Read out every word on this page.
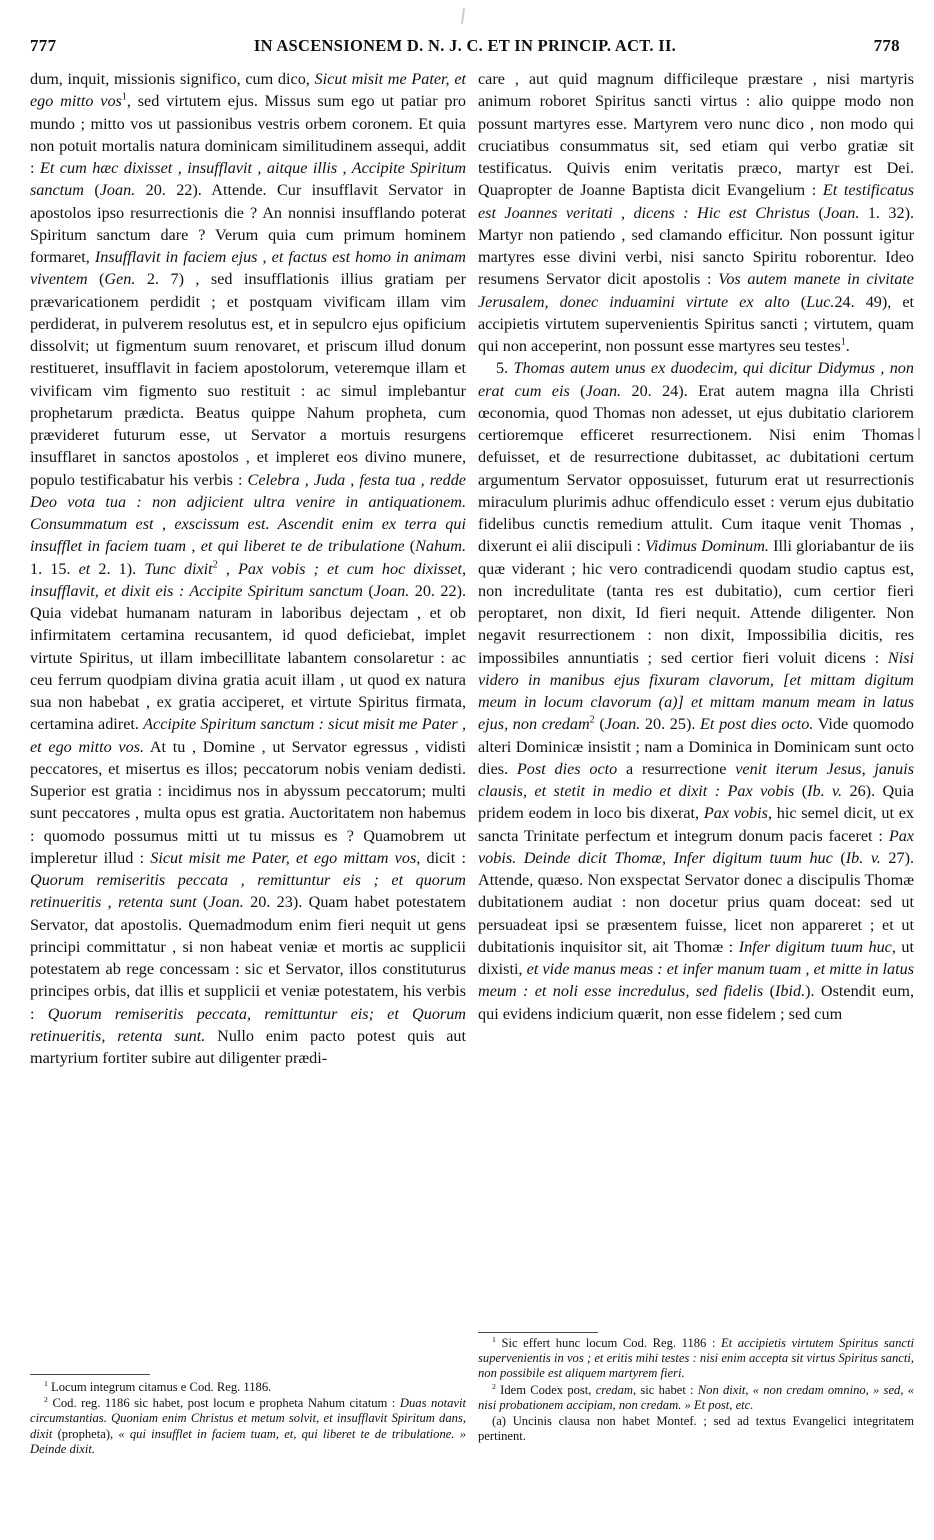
777	IN ASCENSIONEM D. N. J. C. ET IN PRINCIP. ACT. II.	778

dum, inquit, missionis significo, cum dico, Sicut misit me Pater, et ego mitto vos$^1$, sed virtutem ejus. Missus sum ego ut patiar pro mundo ; mitto vos ut passionibus vestris orbem coronem. Et quia non potuit mortalis natura dominicam similitudinem assequi, addit : Et cum hæc dixisset , insufflavit , aitque illis , Accipite Spiritum sanctum (Joan. 20. 22). Attende. Cur insufflavit Servator in apostolos ipso resurrectionis die ? An nonnisi insufflando poterat Spiritum sanctum dare ? Verum quia cum primum hominem formaret, Insufflavit in faciem ejus , et factus est homo in animam viventem (Gen. 2. 7) , sed insufflationis illius gratiam per prævaricationem perdidit ; et postquam vivificam illam vim perdiderat, in pulverem resolutus est, et in sepulcro ejus opificium dissolvit; ut figmentum suum renovaret, et priscum illud donum restitueret, insufflavit in faciem apostolorum, veteremque illam et vivificam vim figmento suo restituit : ac simul implebantur prophetarum prædicta. Beatus quippe Nahum propheta, cum prævideret futurum esse, ut Servator a mortuis resurgens insufflaret in sanctos apostolos , et impleret eos divino munere, populo testificabatur his verbis : Celebra , Juda , festa tua , redde Deo vota tua : non adjicient ultra venire in antiquationem. Consummatum est , exscissum est. Ascendit enim ex terra qui insufflet in faciem tuam , et qui liberet te de tribulatione (Nahum. 1. 15. et 2. 1). Tunc dixit$^2$ , Pax vobis ; et cum hoc dixisset, insufflavit, et dixit eis : Accipite Spiritum sanctum (Joan. 20. 22). Quia videbat humanam naturam in laboribus dejectam , et ob infirmitatem certamina recusantem, id quod deficiebat, implet virtute Spiritus, ut illam imbecillitate labantem consolaretur : ac ceu ferrum quodpiam divina gratia acuit illam , ut quod ex natura sua non habebat , ex gratia acciperet, et virtute Spiritus firmata, certamina adiret. Accipite Spiritum sanctum : sicut misit me Pater , et ego mitto vos. At tu , Domine , ut Servator egressus , vidisti peccatores, et misertus es illos; peccatorum nobis veniam dedisti. Superior est gratia : incidimus nos in abyssum peccatorum; multi sunt peccatores , multa opus est gratia. Auctoritatem non habemus : quomodo possumus mitti ut tu missus es ? Quamobrem ut impleretur illud : Sicut misit me Pater, et ego mittam vos, dicit : Quorum remiseritis peccata , remittuntur eis ; et quorum retinueritis , retenta sunt (Joan. 20. 23). Quam habet potestatem Servator, dat apostolis. Quemadmodum enim fieri nequit ut gens principi committatur , si non habeat veniæ et mortis ac supplicii potestatem ab rege concessam : sic et Servator, illos constituturus principes orbis, dat illis et supplicii et veniæ potestatem, his verbis : Quorum remiseritis peccata, remittuntur eis; et Quorum retinueritis, retenta sunt. Nullo enim pacto potest quis aut martyrium fortiter subire aut diligenter prædi-

care , aut quid magnum difficileque præstare , nisi martyris animum roboret Spiritus sancti virtus : alio quippe modo non possunt martyres esse. Martyrem vero nunc dico , non modo qui cruciatibus consummatus sit, sed etiam qui verbo gratiæ sit testificatus. Quivis enim veritatis præco, martyr est Dei. Quapropter de Joanne Baptista dicit Evangelium : Et testificatus est Joannes veritati , dicens : Hic est Christus (Joan. 1. 32). Martyr non patiendo , sed clamando efficitur. Non possunt igitur martyres esse divini verbi, nisi sancto Spiritu roborentur. Ideo resumens Servator dicit apostolis : Vos autem manete in civitate Jerusalem, donec induamini virtute ex alto (Luc.24. 49), et accipietis virtutem supervenientis Spiritus sancti ; virtutem, quam qui non acceperint, non possunt esse martyres seu testes$^1$.

5. Thomas autem unus ex duodecim, qui dicitur Didymus , non erat cum eis (Joan. 20. 24). Erat autem magna illa Christi œconomia, quod Thomas non adesset, ut ejus dubitatio clariorem certioremque efficeret resurrectionem. Nisi enim Thomas defuisset, et de resurrectione dubitasset, ac dubitationi certum argumentum Servator opposuisset, futurum erat ut resurrectionis miraculum plurimis adhuc offendiculo esset : verum ejus dubitatio fidelibus cunctis remedium attulit. Cum itaque venit Thomas , dixerunt ei alii discipuli : Vidimus Dominum. Illi gloriabantur de iis quæ viderant ; hic vero contradicendi quodam studio captus est, non incredulitate (tanta res est dubitatio), cum certior fieri peroptaret, non dixit, Id fieri nequit. Attende diligenter. Non negavit resurrectionem : non dixit, Impossibilia dicitis, res impossibiles annuntiatis ; sed certior fieri voluit dicens : Nisi videro in manibus ejus fixuram clavorum, [et mittam digitum meum in locum clavorum (a)] et mittam manum meam in latus ejus, non credam$^2$ (Joan. 20. 25). Et post dies octo. Vide quomodo alteri Dominicæ insistit ; nam a Dominica in Dominicam sunt octo dies. Post dies octo a resurrectione venit iterum Jesus, januis clausis, et stetit in medio et dixit : Pax vobis (Ib. v. 26). Quia pridem eodem in loco bis dixerat, Pax vobis, hic semel dicit, ut ex sancta Trinitate perfectum et integrum donum pacis faceret : Pax vobis. Deinde dicit Thomæ, Infer digitum tuum huc (Ib. v. 27). Attende, quæso. Non exspectat Servator donec a discipulis Thomæ dubitationem audiat : non docetur prius quam doceat: sed ut persuadeat ipsi se præsentem fuisse, licet non appareret ; et ut dubitationis inquisitor sit, ait Thomæ : Infer digitum tuum huc, ut dixisti, et vide manus meas : et infer manum tuam , et mitte in latus meum : et noli esse incredulus, sed fidelis (Ibid.). Ostendit eum, qui evidens indicium quærit, non esse fidelem ; sed cum

$^1$ Locum integrum citamus e Cod. Reg. 1186.

$^2$ Cod. reg. 1186 sic habet, post locum e propheta Nahum citatum : Duas notavit circumstantias. Quoniam enim Christus et metum solvit, et insufflavit Spiritum dans, dixit (propheta), « qui insufflet in faciem tuam, et, qui liberet te de tribulatione. » Deinde dixit.

$^1$ Sic effert hunc locum Cod. Reg. 1186 : Et accipietis virtutem Spiritus sancti supervenientis in vos ; et eritis mihi testes : nisi enim accepta sit virtus Spiritus sancti, non possibile est aliquem martyrem fieri.

$^2$ Idem Codex post, credam, sic habet : Non dixit, « non credam omnino, » sed, « nisi probationem accipiam, non credam. » Et post, etc.

(a) Uncinis clausa non habet Montef. ; sed ad textus Evangelici integritatem pertinent.
